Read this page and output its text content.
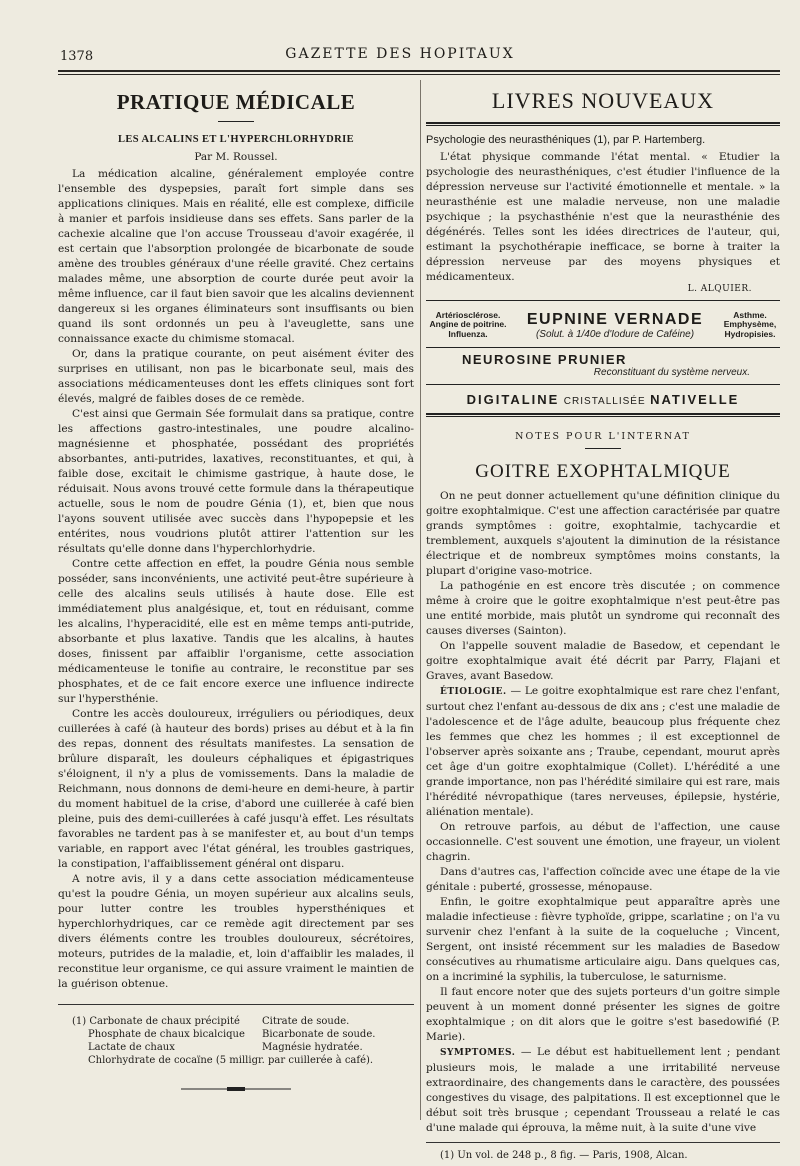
1378	GAZETTE DES HOPITAUX
PRATIQUE MÉDICALE
LES ALCALINS ET L'HYPERCHLORHYDRIE
Par M. Roussel.

La médication alcaline, généralement employée contre l'ensemble des dyspepsies, paraît fort simple dans ses applications cliniques. Mais en réalité, elle est complexe, difficile à manier et parfois insidieuse dans ses effets. Sans parler de la cachexie alcaline que l'on accuse Trousseau d'avoir exagérée, il est certain que l'absorption prolongée de bicarbonate de soude amène des troubles généraux d'une réelle gravité. Chez certains malades même, une absorption de courte durée peut avoir la même influence, car il faut bien savoir que les alcalins deviennent dangereux si les organes éliminateurs sont insuffisants ou bien quand ils sont ordonnés un peu à l'aveuglette, sans une connaissance exacte du chimisme stomacal.

Or, dans la pratique courante, on peut aisément éviter des surprises en utilisant, non pas le bicarbonate seul, mais des associations médicamenteuses dont les effets cliniques sont fort élevés, malgré de faibles doses de ce remède.

C'est ainsi que Germain Sée formulait dans sa pratique, contre les affections gastro-intestinales, une poudre alcalino-magnésienne et phosphatée, possédant des propriétés absorbantes, anti-putrides, laxatives, reconstituantes, et qui, à faible dose, excitait le chimisme gastrique, à haute dose, le réduisait. Nous avons trouvé cette formule dans la thérapeutique actuelle, sous le nom de poudre Génia (1), et, bien que nous l'ayons souvent utilisée avec succès dans l'hypopepsie et les entérites, nous voudrions plutôt attirer l'attention sur les résultats qu'elle donne dans l'hyperchlorhydrie.

Contre cette affection en effet, la poudre Génia nous semble posséder, sans inconvénients, une activité peut-être supérieure à celle des alcalins seuls utilisés à haute dose. Elle est immédiatement plus analgésique, et, tout en réduisant, comme les alcalins, l'hyperacidité, elle est en même temps anti-putride, absorbante et plus laxative. Tandis que les alcalins, à hautes doses, finissent par affaiblir l'organisme, cette association médicamenteuse le tonifie au contraire, le reconstitue par ses phosphates, et de ce fait encore exerce une influence indirecte sur l'hypersthénie.

Contre les accès douloureux, irréguliers ou périodiques, deux cuillerées à café (à hauteur des bords) prises au début et à la fin des repas, donnent des résultats manifestes. La sensation de brûlure disparaît, les douleurs céphaliques et épigastriques s'éloignent, il n'y a plus de vomissements. Dans la maladie de Reichmann, nous donnons de demi-heure en demi-heure, à partir du moment habituel de la crise, d'abord une cuillerée à café bien pleine, puis des demi-cuillerées à café jusqu'à effet. Les résultats favorables ne tardent pas à se manifester et, au bout d'un temps variable, en rapport avec l'état général, les troubles gastriques, la constipation, l'affaiblissement général ont disparu.

A notre avis, il y a dans cette association médicamenteuse qu'est la poudre Génia, un moyen supérieur aux alcalins seuls, pour lutter contre les troubles hypersthéniques et hyperchlorhydriques, car ce remède agit directement par ses divers éléments contre les troubles douloureux, sécrétoires, moteurs, putrides de la maladie, et, loin d'affaiblir les malades, il reconstitue leur organisme, ce qui assure vraiment le maintien de la guérison obtenue.

(1) Carbonate de chaux précipité	Citrate de soude.
Phosphate de chaux bicalcique	Bicarbonate de soude.
Lactate de chaux	Magnésie hydratée.
Chlorhydrate de cocaïne (5 milligr. par cuillerée à café).
LIVRES NOUVEAUX
Psychologie des neurasthéniques (1), par P. Hartemberg.

L'état physique commande l'état mental. « Etudier la psychologie des neurasthéniques, c'est étudier l'influence de la dépression nerveuse sur l'activité émotionnelle et mentale. » la neurasthénie est une maladie nerveuse, non une maladie psychique ; la psychasthénie n'est que la neurasthénie des dégénérés. Telles sont les idées directrices de l'auteur, qui, estimant la psychothérapie inefficace, se borne à traiter la dépression nerveuse par des moyens physiques et médicamenteux.

L. ALQUIER.
Artériosclérose. Angine de poitrine. Influenza.
EUPNINE VERNADE
(Solut. à 1/40e d'Iodure de Caféine)
Asthme. Emphysème, Hydropisies.
NEUROSINE PRUNIER
Reconstituant du système nerveux.
DIGITALINE CRISTALLISÉE NATIVELLE
NOTES POUR L'INTERNAT
GOITRE EXOPHTALMIQUE

On ne peut donner actuellement qu'une définition clinique du goitre exophtalmique. C'est une affection caractérisée par quatre grands symptômes : goitre, exophtalmie, tachycardie et tremblement, auxquels s'ajoutent la diminution de la résistance électrique et de nombreux symptômes moins constants, la plupart d'origine vaso-motrice.

La pathogénie en est encore très discutée ; on commence même à croire que le goitre exophtalmique n'est peut-être pas une entité morbide, mais plutôt un syndrome qui reconnaît des causes diverses (Sainton).

On l'appelle souvent maladie de Basedow, et cependant le goitre exophtalmique avait été décrit par Parry, Flajani et Graves, avant Basedow.

ÉTIOLOGIE. — Le goitre exophtalmique est rare chez l'enfant, surtout chez l'enfant au-dessous de dix ans ; c'est une maladie de l'adolescence et de l'âge adulte, beaucoup plus fréquente chez les femmes que chez les hommes ; il est exceptionnel de l'observer après soixante ans ; Traube, cependant, mourut après cet âge d'un goitre exophtalmique (Collet). L'hérédité a une grande importance, non pas l'hérédité similaire qui est rare, mais l'hérédité névropathique (tares nerveuses, épilepsie, hystérie, aliénation mentale).

On retrouve parfois, au début de l'affection, une cause occasionnelle. C'est souvent une émotion, une frayeur, un violent chagrin.

Dans d'autres cas, l'affection coïncide avec une étape de la vie génitale : puberté, grossesse, ménopause.

Enfin, le goitre exophtalmique peut apparaître après une maladie infectieuse : fièvre typhoïde, grippe, scarlatine ; on l'a vu survenir chez l'enfant à la suite de la coqueluche ; Vincent, Sergent, ont insisté récemment sur les maladies de Basedow consécutives au rhumatisme articulaire aigu. Dans quelques cas, on a incriminé la syphilis, la tuberculose, le saturnisme.

Il faut encore noter que des sujets porteurs d'un goitre simple peuvent à un moment donné présenter les signes de goitre exophtalmique ; on dit alors que le goitre s'est basedowifié (P. Marie).

SYMPTOMES. — Le début est habituellement lent ; pendant plusieurs mois, le malade a une irritabilité nerveuse extraordinaire, des changements dans le caractère, des poussées congestives du visage, des palpitations. Il est exceptionnel que le début soit très brusque ; cependant Trousseau a relaté le cas d'une malade qui éprouva, la même nuit, à la suite d'une vive

(1) Un vol. de 248 p., 8 fig. — Paris, 1908, Alcan.
